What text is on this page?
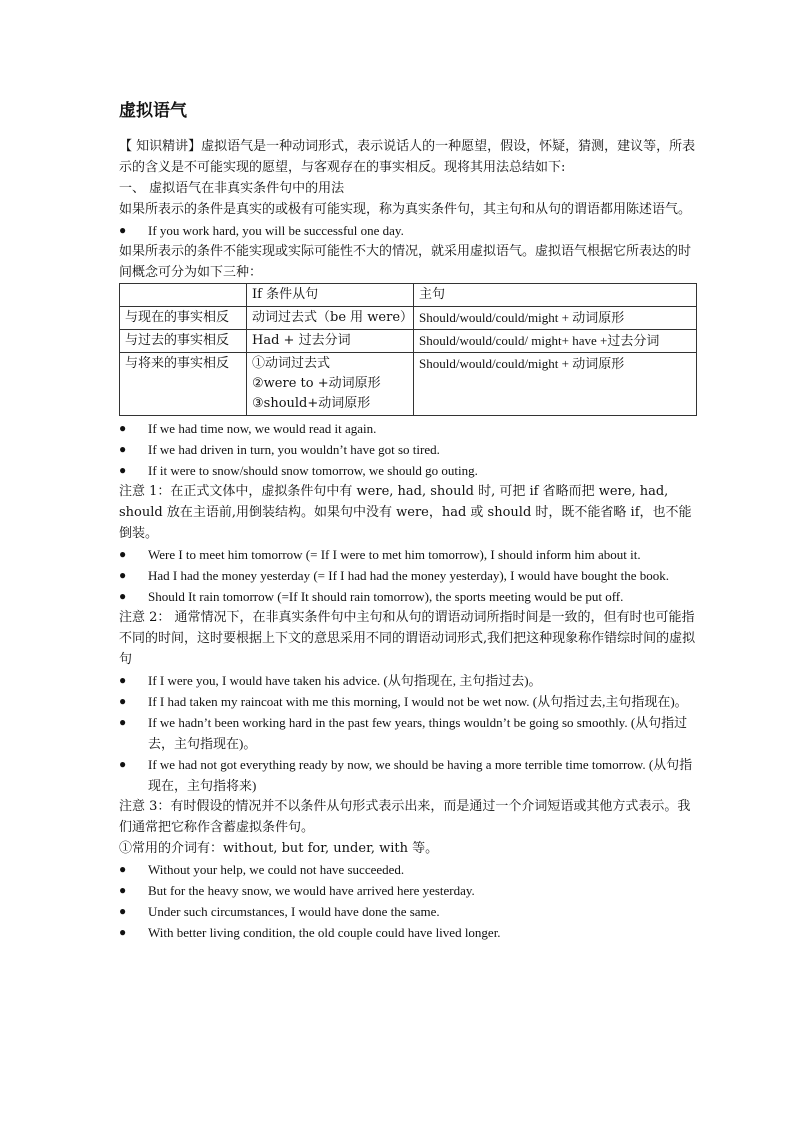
虚拟语气

【 知识精讲】虚拟语气是一种动词形式，表示说话人的一种愿望，假设，怀疑，猜测，建议等，所表示的含义是不可能实现的愿望，与客观存在的事实相反。现将其用法总结如下:

一、 虚拟语气在非真实条件句中的用法

如果所表示的条件是真实的或极有可能实现，称为真实条件句，其主句和从句的谓语都用陈述语气。

●	If you work hard, you will be successful one day.

如果所表示的条件不能实现或实际可能性不大的情况，就采用虚拟语气。虚拟语气根据它所表达的时间概念可分为如下三种：

	If 条件从句	主句
与现在的事实相反	动词过去式（be 用 were）	Should/would/could/might + 动词原形
与过去的事实相反	Had + 过去分词	Should/would/could/ might+ have +过去分词
与将来的事实相反	①动词过去式
②were to +动词原形
③should+动词原形	Should/would/could/might + 动词原形
●	If we had time now, we would read it again.
●	If we had driven in turn, you wouldn’t have got so tired.
●	If it were to snow/should snow tomorrow, we should go outing.

注意 1：在正式文体中，虚拟条件句中有 were, had, should 时, 可把 if 省略而把 were, had, should 放在主语前,用倒装结构。如果句中没有 were，had 或 should 时，既不能省略 if，也不能倒装。

●	Were I to meet him tomorrow (= If I were to met him tomorrow), I should inform him about it.
●	Had I had the money yesterday (= If I had had the money yesterday), I would have bought the book.
●	Should It rain tomorrow (=If It should rain tomorrow), the sports meeting would be put off.

注意 2： 通常情况下，在非真实条件句中主句和从句的谓语动词所指时间是一致的，但有时也可能指不同的时间，这时要根据上下文的意思采用不同的谓语动词形式,我们把这种现象称作错综时间的虚拟句

●	If I were you, I would have taken his advice. (从句指现在, 主句指过去)。
●	If I had taken my raincoat with me this morning, I would not be wet now. (从句指过去,主句指现在)。
●	If we hadn’t been working hard in the past few years, things wouldn’t be going so smoothly. (从句指过去，主句指现在)。
●	If we had not got everything ready by now, we should be having a more terrible time tomorrow. (从句指现在，主句指将来)

注意 3：有时假设的情况并不以条件从句形式表示出来，而是通过一个介词短语或其他方式表示。我们通常把它称作含蓄虚拟条件句。

①常用的介词有：without, but for, under, with 等。

●	Without your help, we could not have succeeded.
●	But for the heavy snow, we would have arrived here yesterday.
●	Under such circumstances, I would have done the same.
●	With better living condition, the old couple could have lived longer.
